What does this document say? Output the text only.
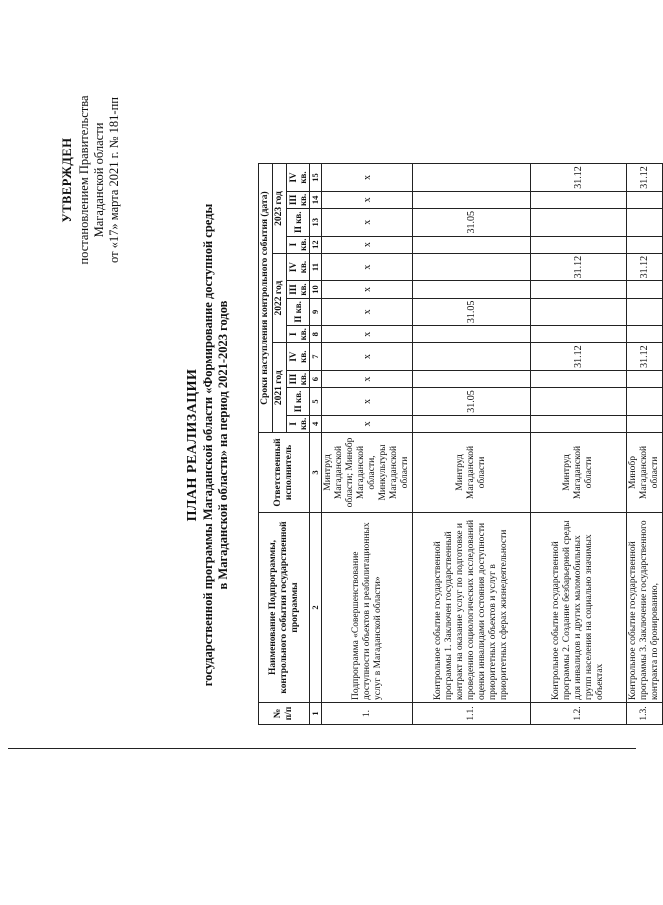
УТВЕРЖДЕН постановлением Правительства Магаданской области от «17» марта 2021 г. № 181-пп
ПЛАН РЕАЛИЗАЦИИ государственной программы Магаданской области «Формирование доступной среды в Магаданской области» на период 2021-2023 годов
№ п/п	Наименование Подпрограммы, контрольного события государственной программы	Ответственный исполнитель	Сроки наступления контрольного события (дата)											
			2021 год				2022 год				2023 год			
			I кв.	II кв.	III кв.	IV кв.	I кв.	II кв.	III кв.	IV кв.	I кв.	II кв.	III кв.	IV кв.
1	2	3	4	5	6	7	8	9	10	11	12	13	14	15
1.	Подпрограмма «Совершенствование доступности объектов и реабилитационных услуг в Магаданской области»	Минтруд Магаданской области; Минобр Магаданской области, Минкультуры Магаданской области	x	x	x	x	x	x	x	x	x	x	x	x
1.1.	Контрольное событие государственной программы 1. Заключен государственный контракт на оказание услуг по подготовке и проведению социологических исследований оценки инвалидами состояния доступности приоритетных объектов и услуг в приоритетных сферах жизнедеятельности	Минтруд Магаданской области		31.05				31.05				31.05		
1.2.	Контрольное событие государственной программы 2. Создание безбарьерной среды для инвалидов и других маломобильных групп населения на социально значимых объектах	Минтруд Магаданской области				31.12				31.12				31.12
1.3.	Контрольное событие государственной программы 3. Заключение государственного контракта по бронированию,	Минобр Магаданской области				31.12				31.12				31.12
